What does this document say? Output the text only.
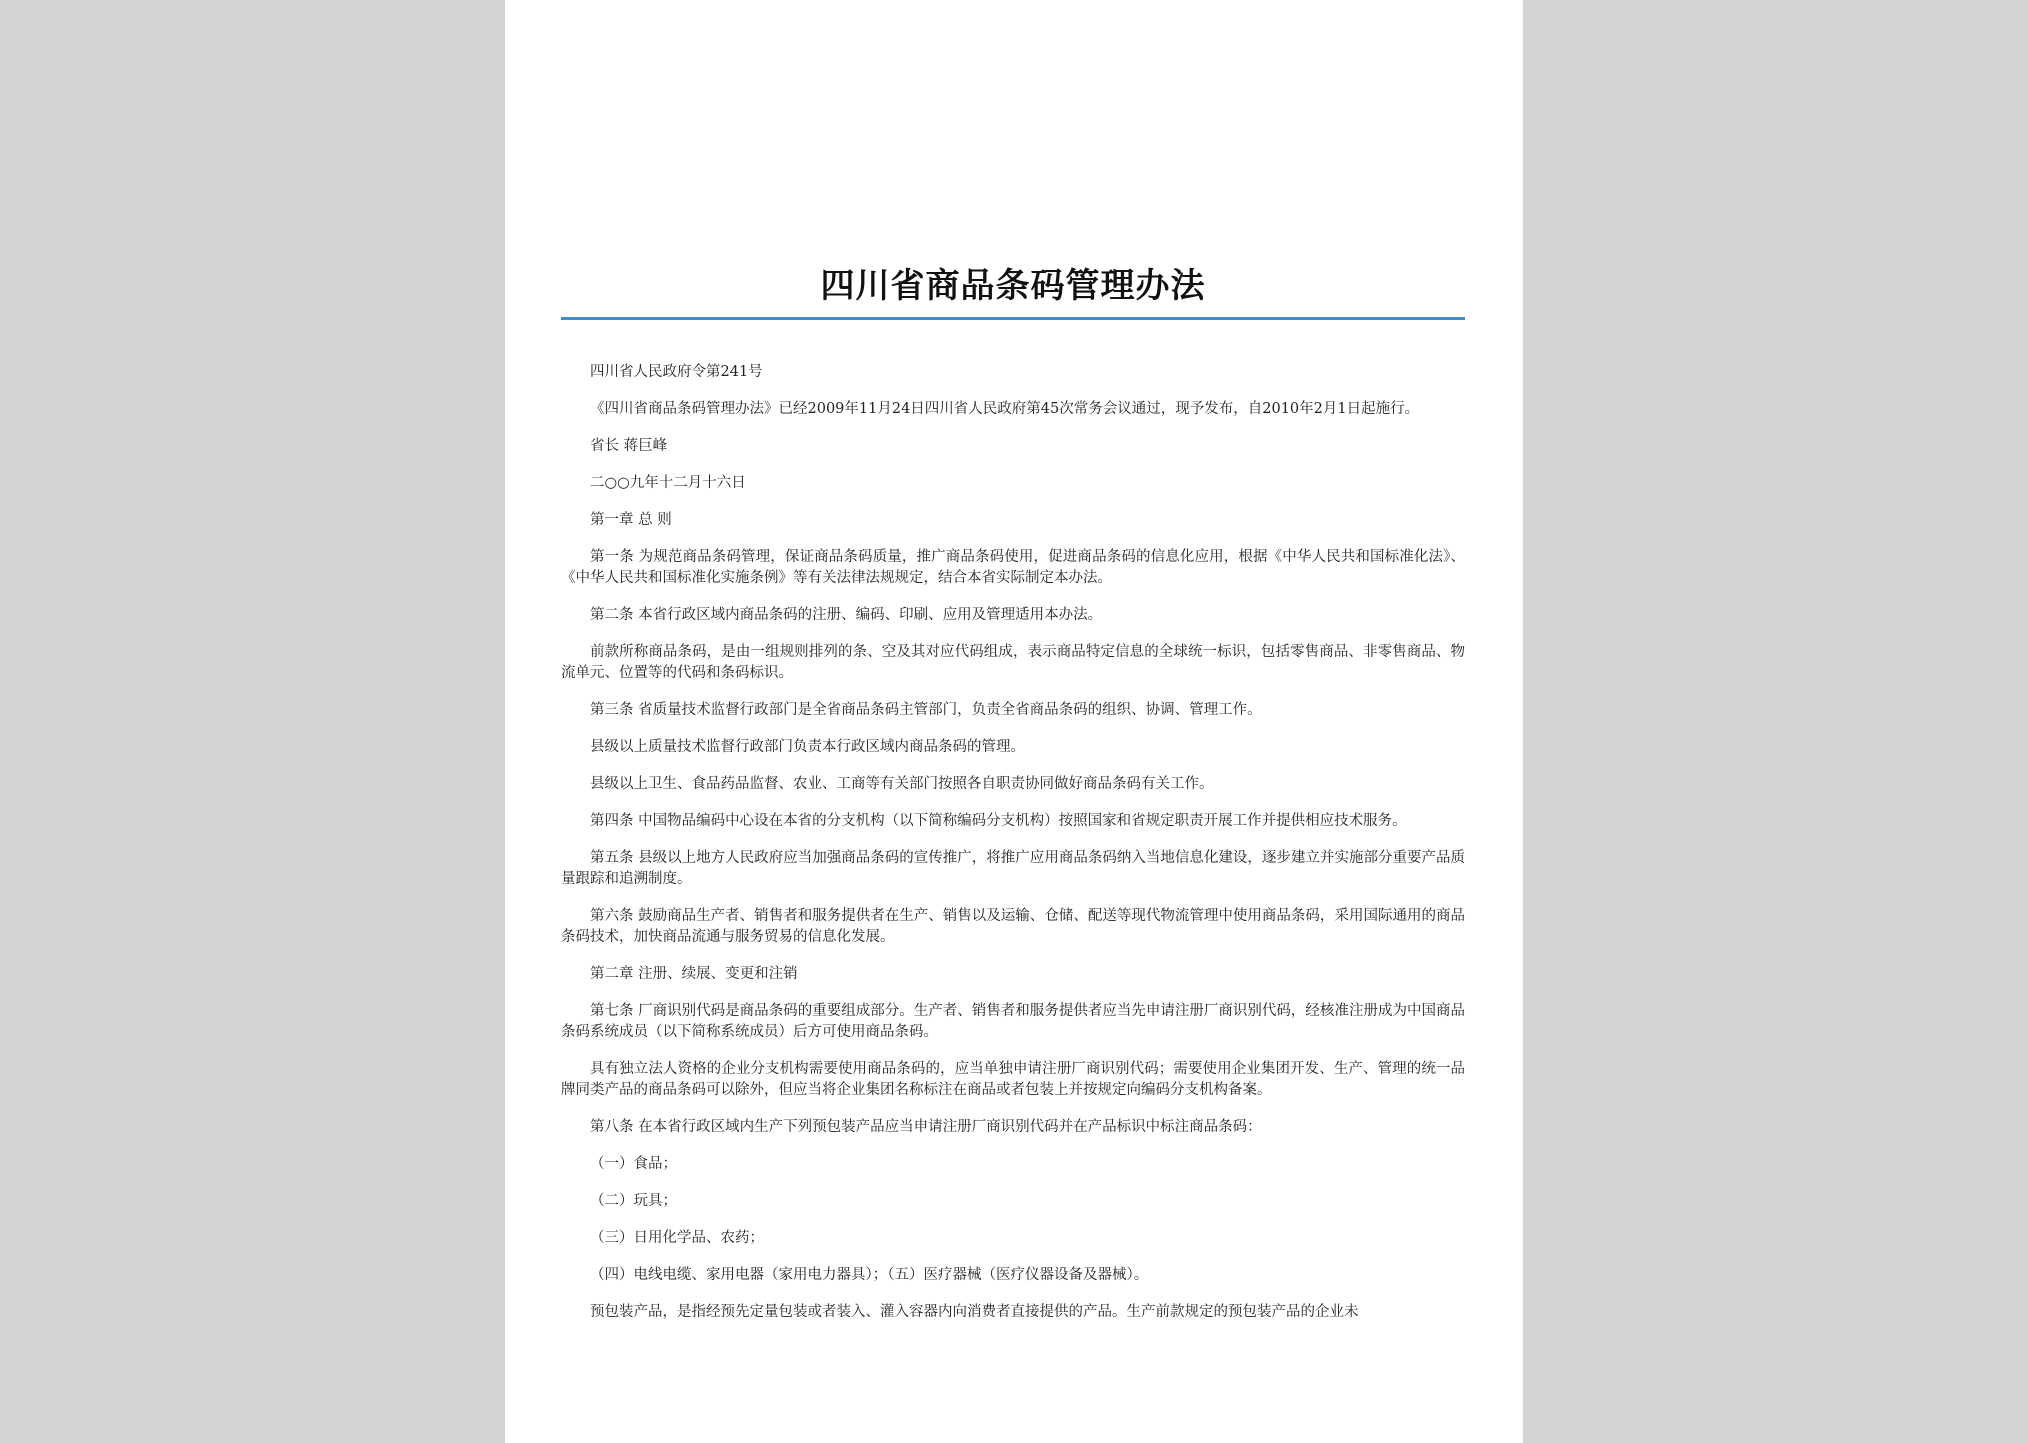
四川省商品条码管理办法

四川省人民政府令第241号

《四川省商品条码管理办法》已经2009年11月24日四川省人民政府第45次常务会议通过，现予发布，自2010年2月1日起施行。

省长 蒋巨峰

二○○九年十二月十六日

第一章 总 则

第一条 为规范商品条码管理，保证商品条码质量，推广商品条码使用，促进商品条码的信息化应用，根据《中华人民共和国标准化法》、《中华人民共和国标准化实施条例》等有关法律法规规定，结合本省实际制定本办法。

第二条 本省行政区域内商品条码的注册、编码、印刷、应用及管理适用本办法。

前款所称商品条码，是由一组规则排列的条、空及其对应代码组成，表示商品特定信息的全球统一标识，包括零售商品、非零售商品、物流单元、位置等的代码和条码标识。

第三条 省质量技术监督行政部门是全省商品条码主管部门，负责全省商品条码的组织、协调、管理工作。

县级以上质量技术监督行政部门负责本行政区域内商品条码的管理。

县级以上卫生、食品药品监督、农业、工商等有关部门按照各自职责协同做好商品条码有关工作。

第四条 中国物品编码中心设在本省的分支机构（以下简称编码分支机构）按照国家和省规定职责开展工作并提供相应技术服务。

第五条 县级以上地方人民政府应当加强商品条码的宣传推广，将推广应用商品条码纳入当地信息化建设，逐步建立并实施部分重要产品质量跟踪和追溯制度。

第六条 鼓励商品生产者、销售者和服务提供者在生产、销售以及运输、仓储、配送等现代物流管理中使用商品条码，采用国际通用的商品条码技术，加快商品流通与服务贸易的信息化发展。

第二章 注册、续展、变更和注销

第七条 厂商识别代码是商品条码的重要组成部分。生产者、销售者和服务提供者应当先申请注册厂商识别代码，经核准注册成为中国商品条码系统成员（以下简称系统成员）后方可使用商品条码。

具有独立法人资格的企业分支机构需要使用商品条码的，应当单独申请注册厂商识别代码；需要使用企业集团开发、生产、管理的统一品牌同类产品的商品条码可以除外，但应当将企业集团名称标注在商品或者包装上并按规定向编码分支机构备案。

第八条 在本省行政区域内生产下列预包装产品应当申请注册厂商识别代码并在产品标识中标注商品条码：

（一）食品；

（二）玩具；

（三）日用化学品、农药；

（四）电线电缆、家用电器（家用电力器具）；（五）医疗器械（医疗仪器设备及器械）。

预包装产品，是指经预先定量包装或者装入、灌入容器内向消费者直接提供的产品。生产前款规定的预包装产品的企业未
